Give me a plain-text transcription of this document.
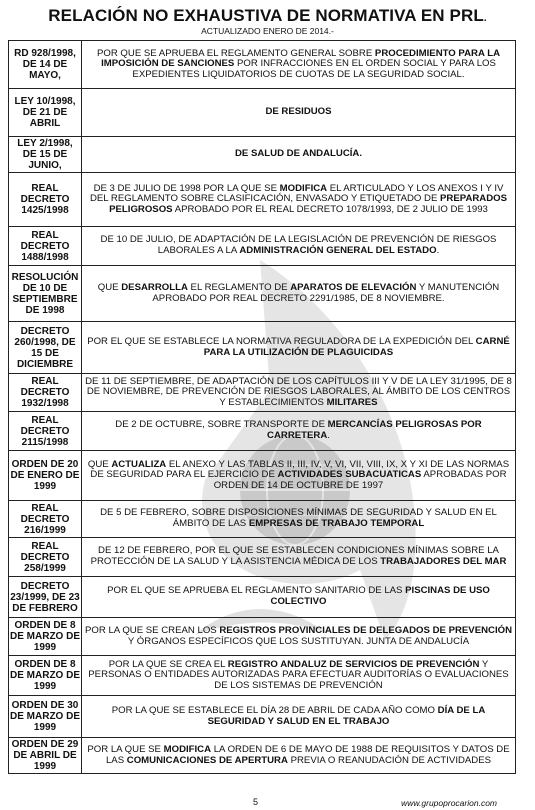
RELACIÓN NO EXHAUSTIVA DE NORMATIVA EN PRL.
ACTUALIZADO ENERO DE 2014.-
RD 928/1998, DE 14 DE MAYO,	POR QUE SE APRUEBA EL REGLAMENTO GENERAL SOBRE PROCEDIMIENTO PARA LA IMPOSICIÓN DE SANCIONES POR INFRACCIONES EN EL ORDEN SOCIAL Y PARA LOS EXPEDIENTES LIQUIDATORIOS DE CUOTAS DE LA SEGURIDAD SOCIAL.
LEY 10/1998, DE 21 DE ABRIL	DE RESIDUOS
LEY 2/1998, DE 15 DE JUNIO,	DE SALUD DE ANDALUCÍA.
REAL DECRETO 1425/1998	DE 3 DE JULIO DE 1998 POR LA QUE SE MODIFICA EL ARTICULADO Y LOS ANEXOS I Y IV DEL REGLAMENTO SOBRE CLASIFICACIÓN, ENVASADO Y ETIQUETADO DE PREPARADOS PELIGROSOS APROBADO POR EL REAL DECRETO 1078/1993, DE 2 JULIO DE 1993
REAL DECRETO 1488/1998	DE 10 DE JULIO, DE ADAPTACIÓN DE LA LEGISLACIÓN DE PREVENCIÓN DE RIESGOS LABORALES A LA ADMINISTRACIÓN GENERAL DEL ESTADO.
RESOLUCIÓN DE 10 DE SEPTIEMBRE DE 1998	QUE DESARROLLA EL REGLAMENTO DE APARATOS DE ELEVACIÓN Y MANUTENCIÓN APROBADO POR REAL DECRETO 2291/1985, DE 8 NOVIEMBRE.
DECRETO 260/1998, DE 15 DE DICIEMBRE	POR EL QUE SE ESTABLECE LA NORMATIVA REGULADORA DE LA EXPEDICIÓN DEL CARNÉ PARA LA UTILIZACIÓN DE PLAGUICIDAS
REAL DECRETO 1932/1998	DE 11 DE SEPTIEMBRE, DE ADAPTACIÓN DE LOS CAPÍTULOS III Y V DE LA LEY 31/1995, DE 8 DE NOVIEMBRE, DE PREVENCIÓN DE RIESGOS LABORALES, AL ÁMBITO DE LOS CENTROS Y ESTABLECIMIENTOS MILITARES
REAL DECRETO 2115/1998	DE 2 DE OCTUBRE, SOBRE TRANSPORTE DE MERCANCÍAS PELIGROSAS POR CARRETERA.
ORDEN DE 20 DE ENERO DE 1999	QUE ACTUALIZA EL ANEXO Y LAS TABLAS II, III, IV, V, VI, VII, VIII, IX, X Y XI DE LAS NORMAS DE SEGURIDAD PARA EL EJERCICIO DE ACTIVIDADES SUBACUATICAS APROBADAS POR ORDEN DE 14 DE OCTUBRE DE 1997
REAL DECRETO 216/1999	DE 5 DE FEBRERO, SOBRE DISPOSICIONES MÍNIMAS DE SEGURIDAD Y SALUD EN EL ÁMBITO DE LAS EMPRESAS DE TRABAJO TEMPORAL
REAL DECRETO 258/1999	DE 12 DE FEBRERO, POR EL QUE SE ESTABLECEN CONDICIONES MÍNIMAS SOBRE LA PROTECCIÓN DE LA SALUD Y LA ASISTENCIA MÉDICA DE LOS TRABAJADORES DEL MAR
DECRETO 23/1999, DE 23 DE FEBRERO	POR EL QUE SE APRUEBA EL REGLAMENTO SANITARIO DE LAS PISCINAS DE USO COLECTIVO
ORDEN DE 8 DE MARZO DE 1999	POR LA QUE SE CREAN LOS REGISTROS PROVINCIALES DE DELEGADOS DE PREVENCIÓN Y ÓRGANOS ESPECÍFICOS QUE LOS SUSTITUYAN. JUNTA DE ANDALUCÍA
ORDEN DE 8 DE MARZO DE 1999	POR LA QUE SE CREA EL REGISTRO ANDALUZ DE SERVICIOS DE PREVENCIÓN Y PERSONAS O ENTIDADES AUTORIZADAS PARA EFECTUAR AUDITORÍAS O EVALUACIONES DE LOS SISTEMAS DE PREVENCIÓN
ORDEN DE 30 DE MARZO DE 1999	POR LA QUE SE ESTABLECE EL DÍA 28 DE ABRIL DE CADA AÑO COMO DÍA DE LA SEGURIDAD Y SALUD EN EL TRABAJO
ORDEN DE 29 DE ABRIL DE 1999	POR LA QUE SE MODIFICA LA ORDEN DE 6 DE MAYO DE 1988 DE REQUISITOS Y DATOS DE LAS COMUNICACIONES DE APERTURA PREVIA O REANUDACIÓN DE ACTIVIDADES
5	www.grupoprocarion.com
